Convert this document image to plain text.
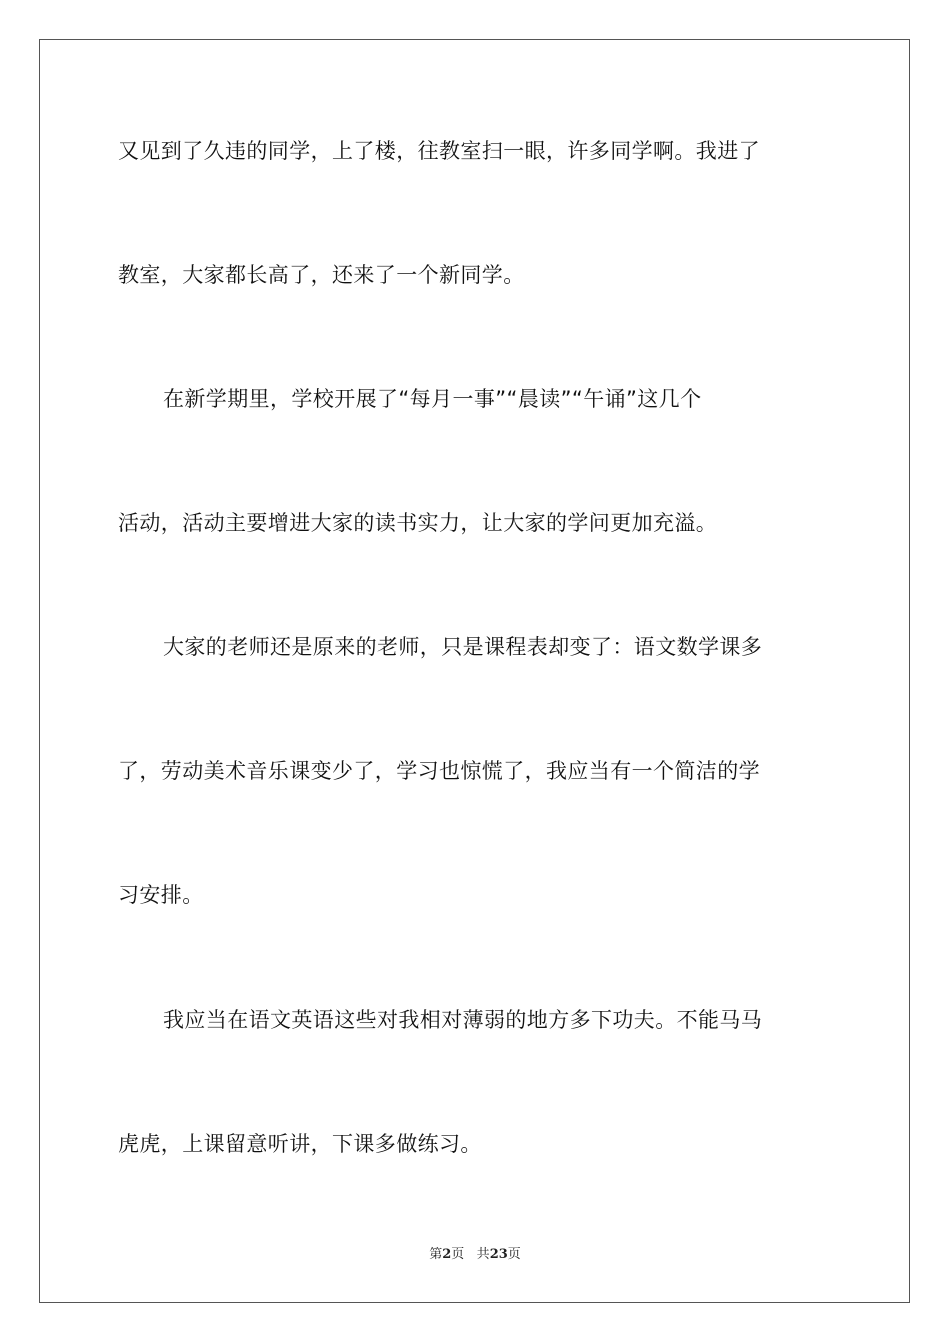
又见到了久违的同学，上了楼，往教室扫一眼，许多同学啊。我进了
教室，大家都长高了，还来了一个新同学。
在新学期里，学校开展了“每月一事”“晨读”“午诵”这几个
活动，活动主要增进大家的读书实力，让大家的学问更加充溢。
大家的老师还是原来的老师，只是课程表却变了：语文数学课多
了，劳动美术音乐课变少了，学习也惊慌了，我应当有一个简洁的学
习安排。
我应当在语文英语这些对我相对薄弱的地方多下功夫。不能马马
虎虎，上课留意听讲，下课多做练习。
第2页 共23页
